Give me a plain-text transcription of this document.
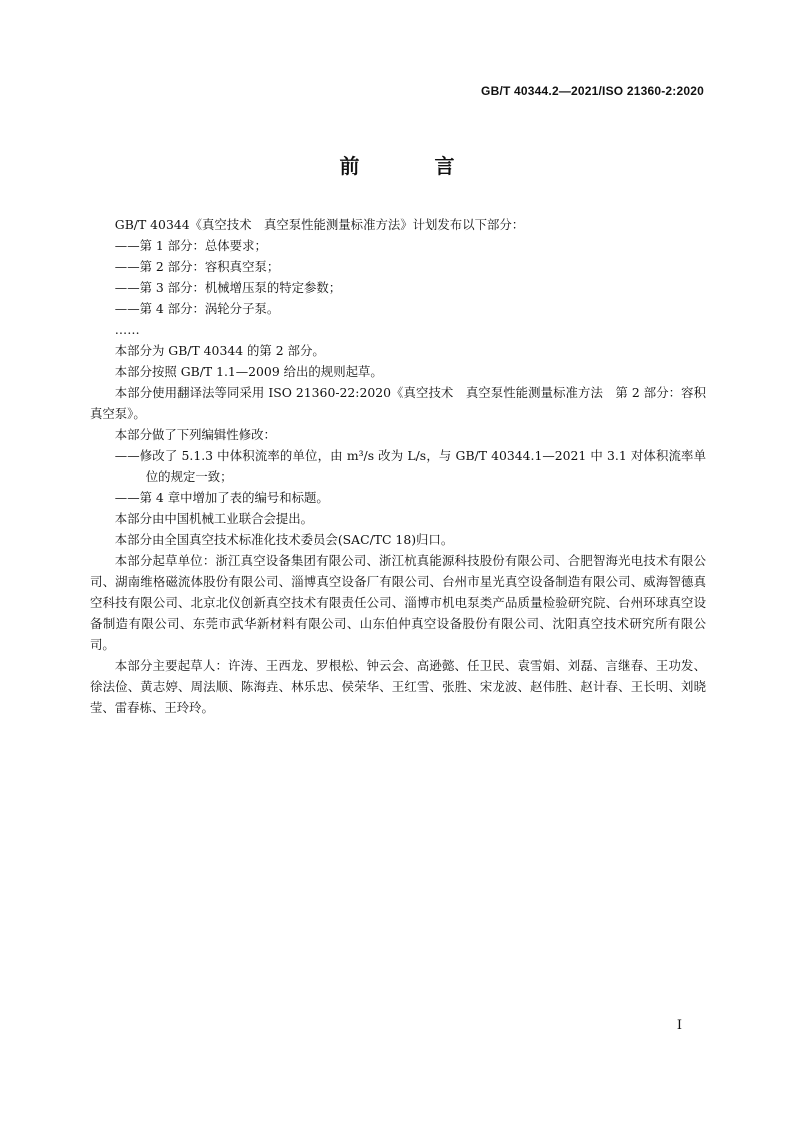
GB/T 40344.2—2021/ISO 21360-2:2020
前 言

GB/T 40344《真空技术　真空泵性能测量标准方法》计划发布以下部分：

——第 1 部分：总体要求；

——第 2 部分：容积真空泵；

——第 3 部分：机械增压泵的特定参数；

——第 4 部分：涡轮分子泵。

……

本部分为 GB/T 40344 的第 2 部分。

本部分按照 GB/T 1.1—2009 给出的规则起草。

本部分使用翻译法等同采用 ISO 21360-22:2020《真空技术　真空泵性能测量标准方法　第 2 部分：容积真空泵》。

本部分做了下列编辑性修改：

——修改了 5.1.3 中体积流率的单位，由 m³/s 改为 L/s，与 GB/T 40344.1—2021 中 3.1 对体积流率单位的规定一致；

——第 4 章中增加了表的编号和标题。

本部分由中国机械工业联合会提出。

本部分由全国真空技术标准化技术委员会(SAC/TC 18)归口。

本部分起草单位：浙江真空设备集团有限公司、浙江杭真能源科技股份有限公司、合肥智海光电技术有限公司、湖南维格磁流体股份有限公司、淄博真空设备厂有限公司、台州市星光真空设备制造有限公司、威海智德真空科技有限公司、北京北仪创新真空技术有限责任公司、淄博市机电泵类产品质量检验研究院、台州环球真空设备制造有限公司、东莞市武华新材料有限公司、山东伯仲真空设备股份有限公司、沈阳真空技术研究所有限公司。

本部分主要起草人：许涛、王西龙、罗根松、钟云会、高逊懿、任卫民、袁雪娟、刘磊、言继春、王功发、徐法俭、黄志婷、周法顺、陈海垚、林乐忠、侯荣华、王红雪、张胜、宋龙波、赵伟胜、赵计春、王长明、刘晓莹、雷春栋、王玲玲。

I
